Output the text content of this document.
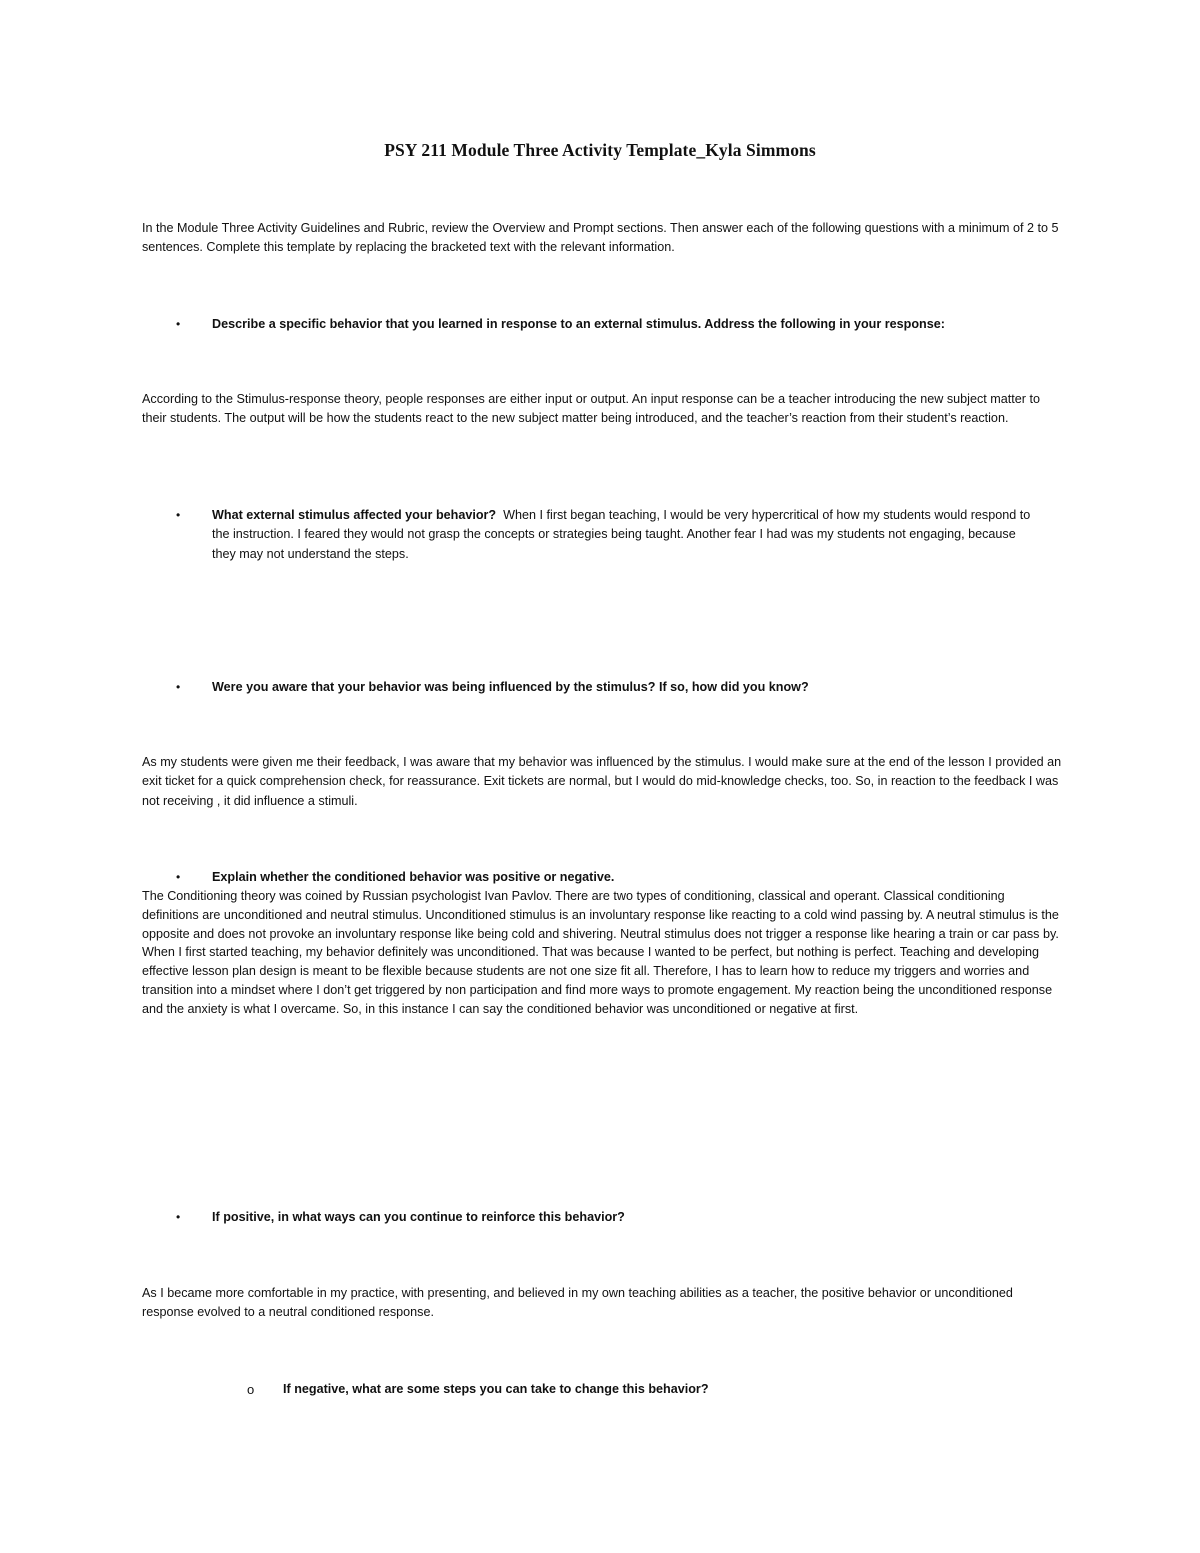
PSY 211 Module Three Activity Template_Kyla Simmons

In the Module Three Activity Guidelines and Rubric, review the Overview and Prompt sections. Then answer each of the following questions with a minimum of 2 to 5 sentences. Complete this template by replacing the bracketed text with the relevant information.

•	Describe a specific behavior that you learned in response to an external stimulus. Address the following in your response:

According to the Stimulus-response theory, people responses are either input or output. An input response can be a teacher introducing the new subject matter to their students. The output will be how the students react to the new subject matter being introduced, and the teacher’s reaction from their student’s reaction.

•	What external stimulus affected your behavior? When I first began teaching, I would be very hypercritical of how my students would respond to the instruction. I feared they would not grasp the concepts or strategies being taught. Another fear I had was my students not engaging, because they may not understand the steps.
•	Were you aware that your behavior was being influenced by the stimulus? If so, how did you know?

As my students were given me their feedback, I was aware that my behavior was influenced by the stimulus. I would make sure at the end of the lesson I provided an exit ticket for a quick comprehension check, for reassurance. Exit tickets are normal, but I would do mid-knowledge checks, too. So, in reaction to the feedback I was not receiving , it did influence a stimuli.

•	Explain whether the conditioned behavior was positive or negative.

The Conditioning theory was coined by Russian psychologist Ivan Pavlov. There are two types of conditioning, classical and operant. Classical conditioning definitions are unconditioned and neutral stimulus. Unconditioned stimulus is an involuntary response like reacting to a cold wind passing by. A neutral stimulus is the opposite and does not provoke an involuntary response like being cold and shivering. Neutral stimulus does not trigger a response like hearing a train or car pass by. When I first started teaching, my behavior definitely was unconditioned. That was because I wanted to be perfect, but nothing is perfect. Teaching and developing effective lesson plan design is meant to be flexible because students are not one size fit all. Therefore, I has to learn how to reduce my triggers and worries and transition into a mindset where I don’t get triggered by non participation and find more ways to promote engagement. My reaction being the unconditioned response and the anxiety is what I overcame. So, in this instance I can say the conditioned behavior was unconditioned or negative at first.

•	If positive, in what ways can you continue to reinforce this behavior?

As I became more comfortable in my practice, with presenting, and believed in my own teaching abilities as a teacher, the positive behavior or unconditioned response evolved to a neutral conditioned response.

o If negative, what are some steps you can take to change this behavior?
